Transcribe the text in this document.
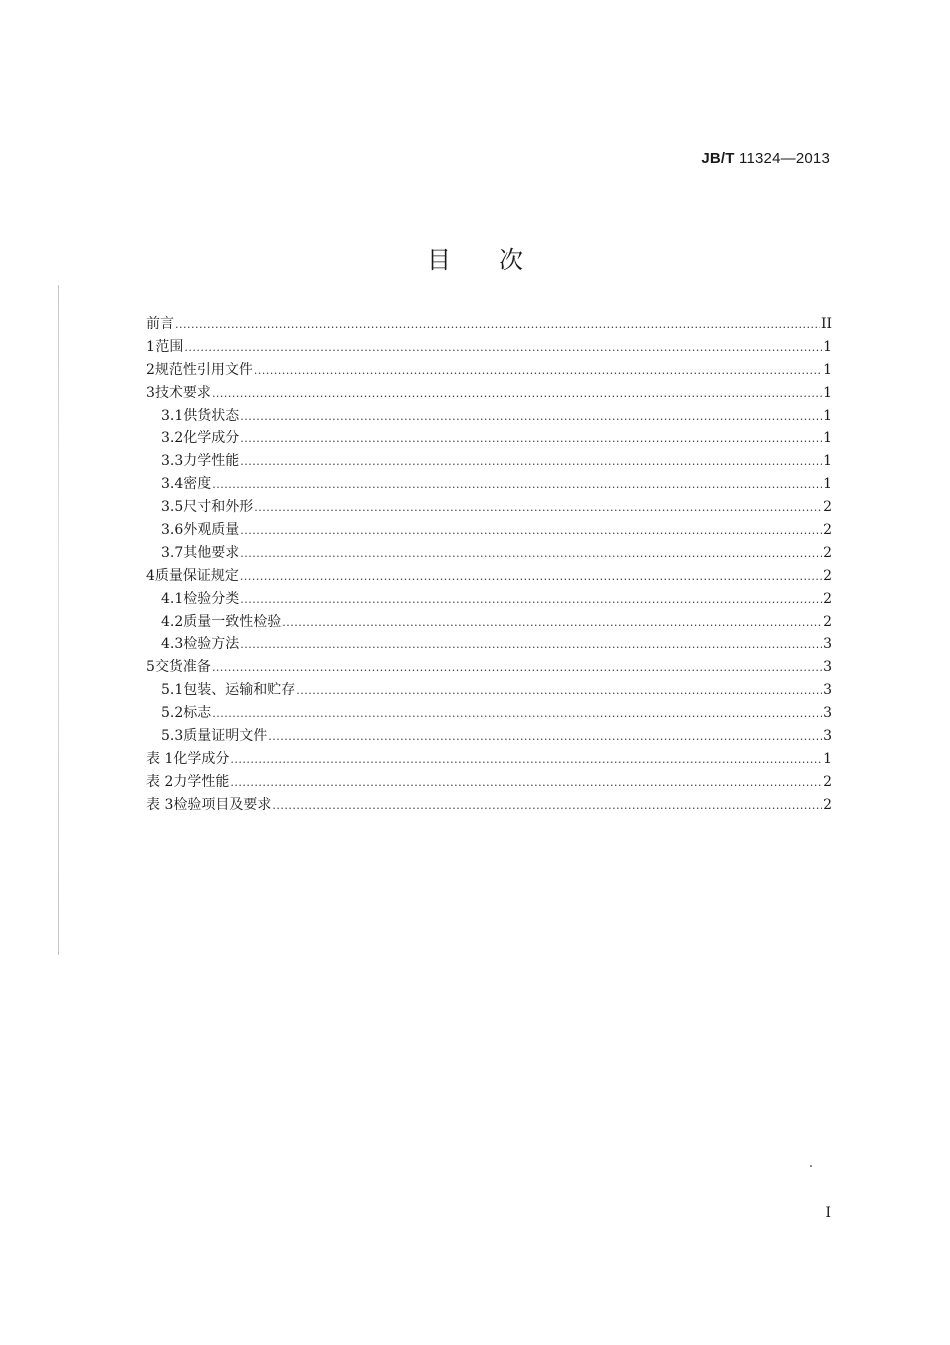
JB/T 11324—2013
目次
前言 .....	II
1 范围 .....	1
2 规范性引用文件 .....	1
3 技术要求 .....	1
3.1 供货状态 .....	1
3.2 化学成分 .....	1
3.3 力学性能 .....	1
3.4 密度 .....	1
3.5 尺寸和外形 .....	2
3.6 外观质量 .....	2
3.7 其他要求 .....	2
4 质量保证规定 .....	2
4.1 检验分类 .....	2
4.2 质量一致性检验 .....	2
4.3 检验方法 .....	3
5 交货准备 .....	3
5.1 包装、运输和贮存 .....	3
5.2 标志 .....	3
5.3 质量证明文件 .....	3
表 1 化学成分 .....	1
表 2 力学性能 .....	2
表 3 检验项目及要求 .....	2
I
